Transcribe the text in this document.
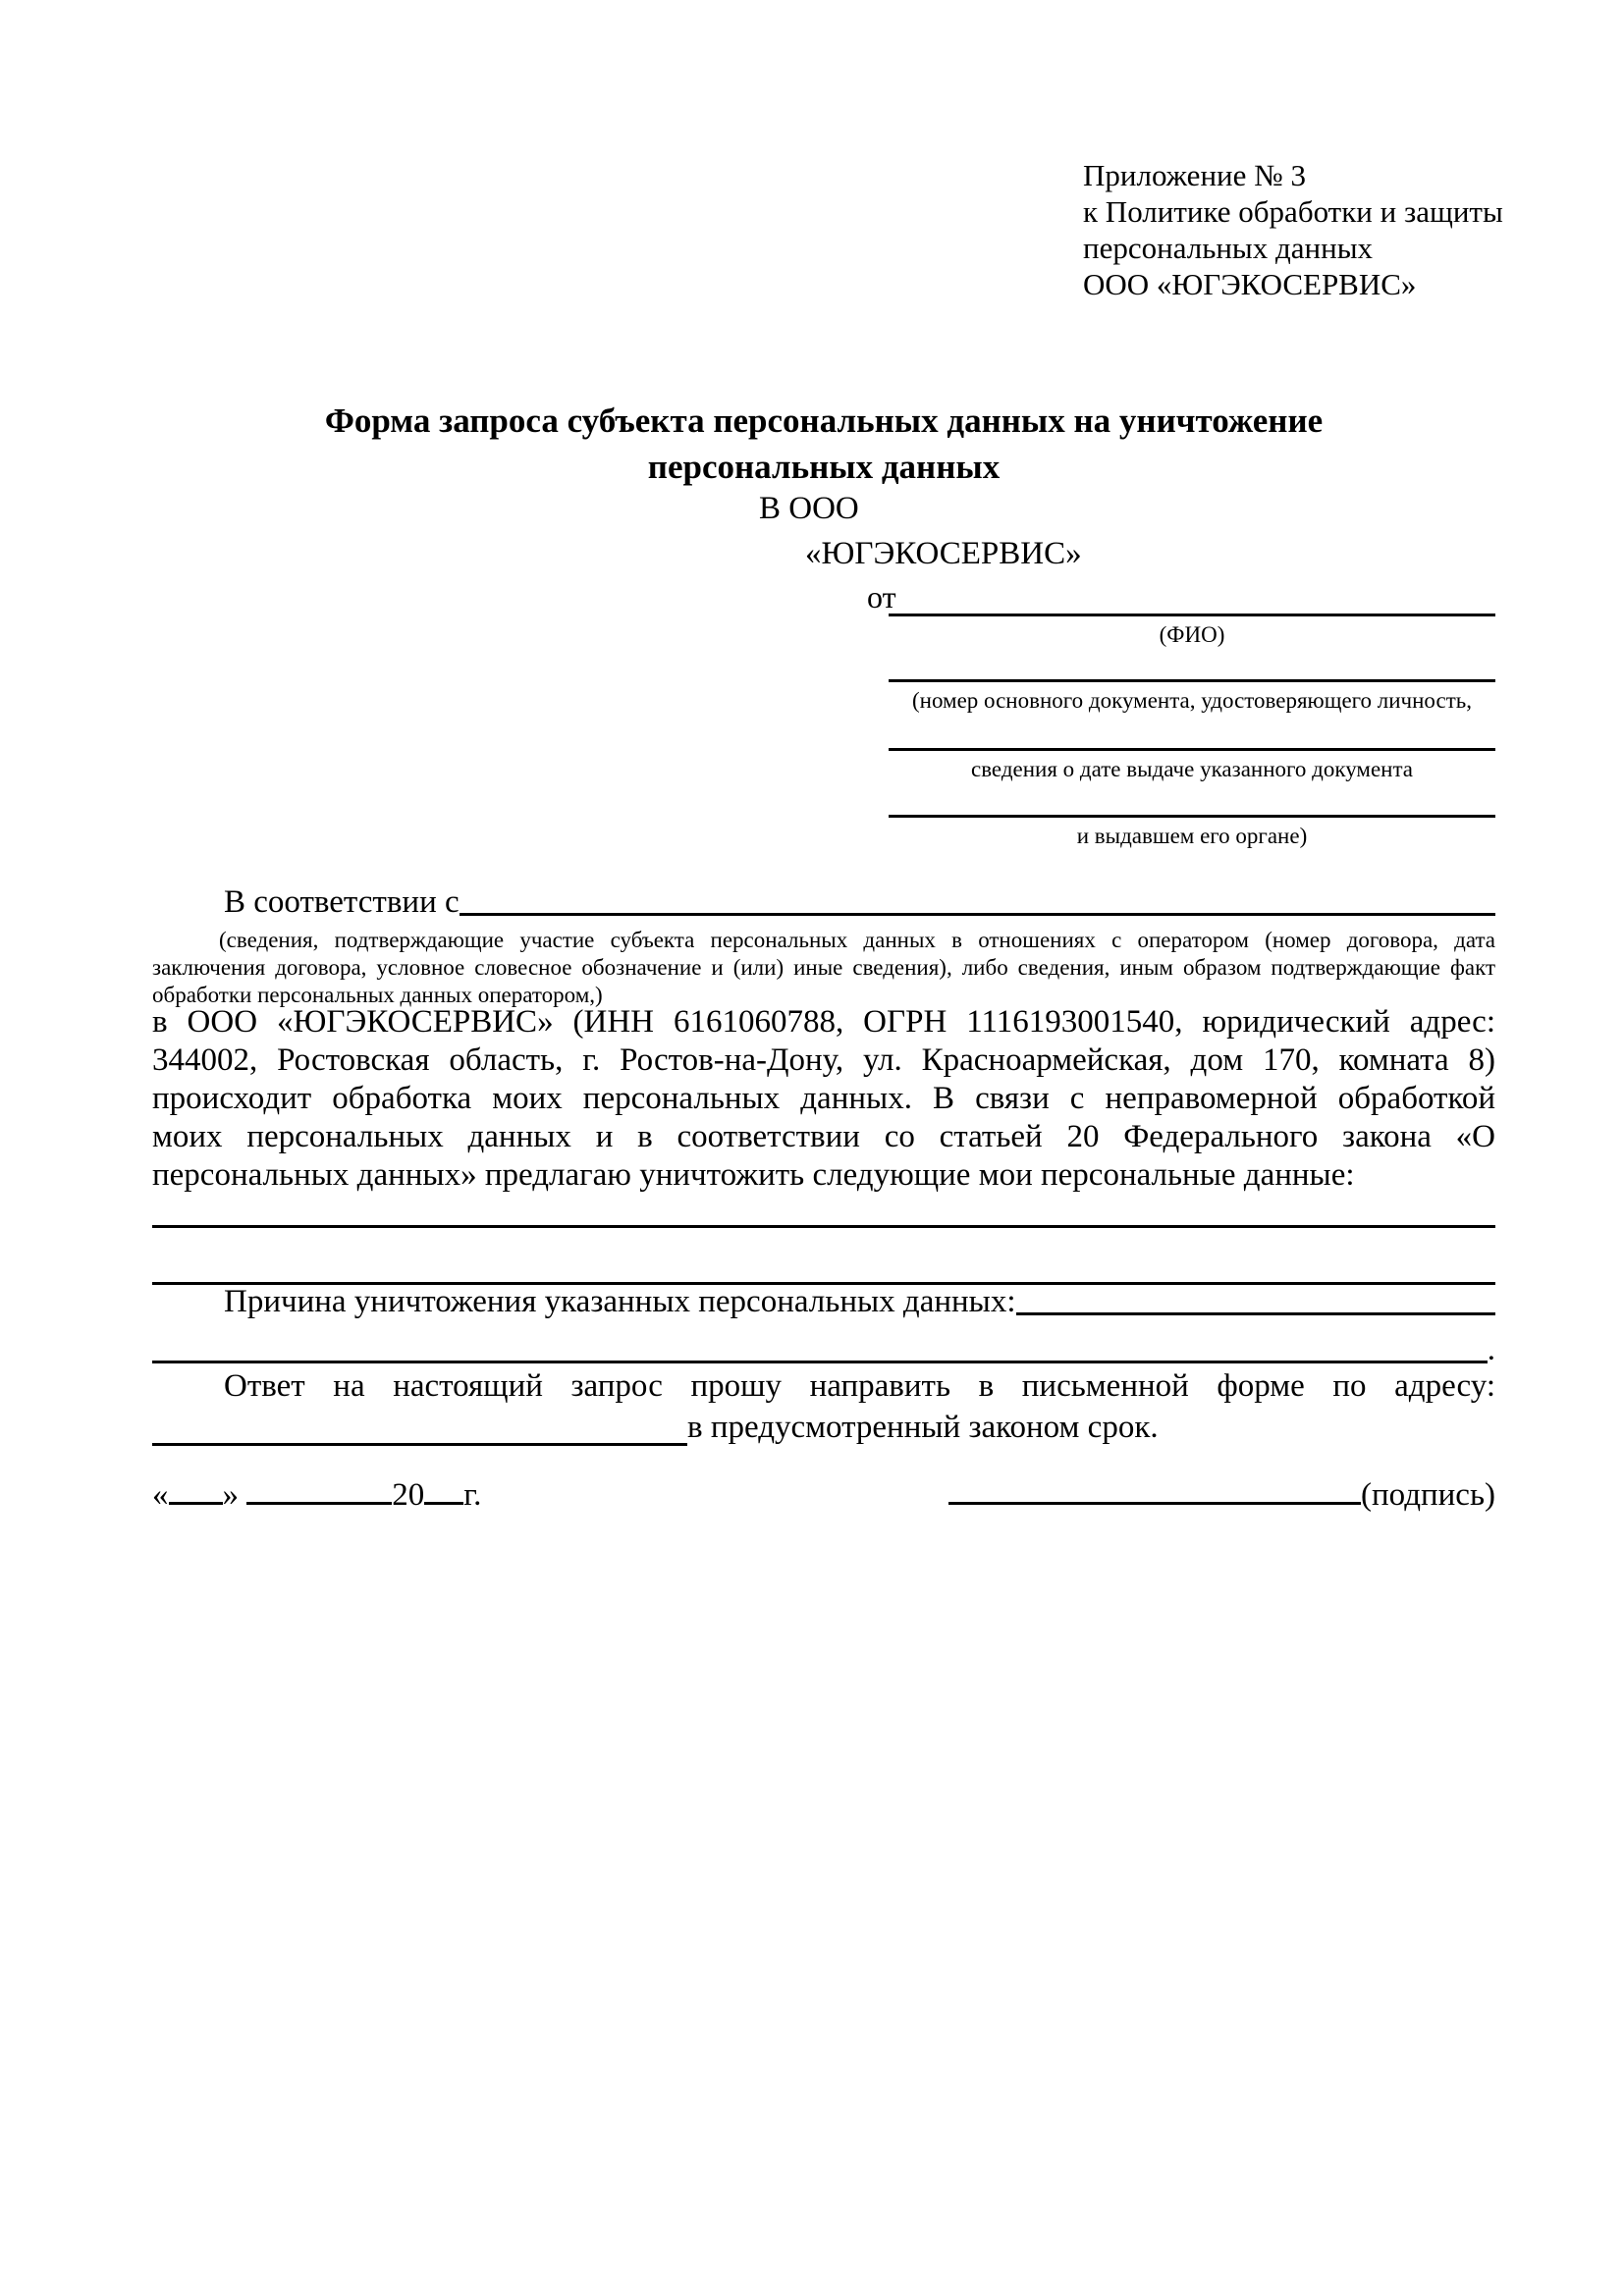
Приложение № 3
к Политике обработки и защиты
персональных данных
ООО «ЮГЭКОСЕРВИС»
Форма запроса субъекта персональных данных на уничтожение
персональных данных
В ООО
«ЮГЭКОСЕРВИС»
от
(ФИО)
(номер основного документа, удостоверяющего личность,
сведения о дате выдаче указанного документа
и выдавшем его органе)
В соответствии с
(сведения, подтверждающие участие субъекта персональных данных в отношениях с оператором (номер договора, дата
заключения договора, условное словесное обозначение и (или) иные сведения), либо сведения, иным образом подтверждающие факт
обработки персональных данных оператором,)
в ООО «ЮГЭКОСЕРВИС» (ИНН 6161060788, ОГРН 1116193001540, юридический адрес:
344002, Ростовская область, г. Ростов-на-Дону, ул. Красноармейская, дом 170, комната 8)
происходит обработка моих персональных данных. В связи с неправомерной обработкой
моих персональных данных и в соответствии со статьей 20 Федерального закона «О
персональных данных» предлагаю уничтожить следующие мои персональные данные:
Причина уничтожения указанных персональных данных:
.
Ответ на настоящий запрос прошу направить в письменной форме по адресу:
в предусмотренный законом срок.
« »	20 г.	(подпись)
